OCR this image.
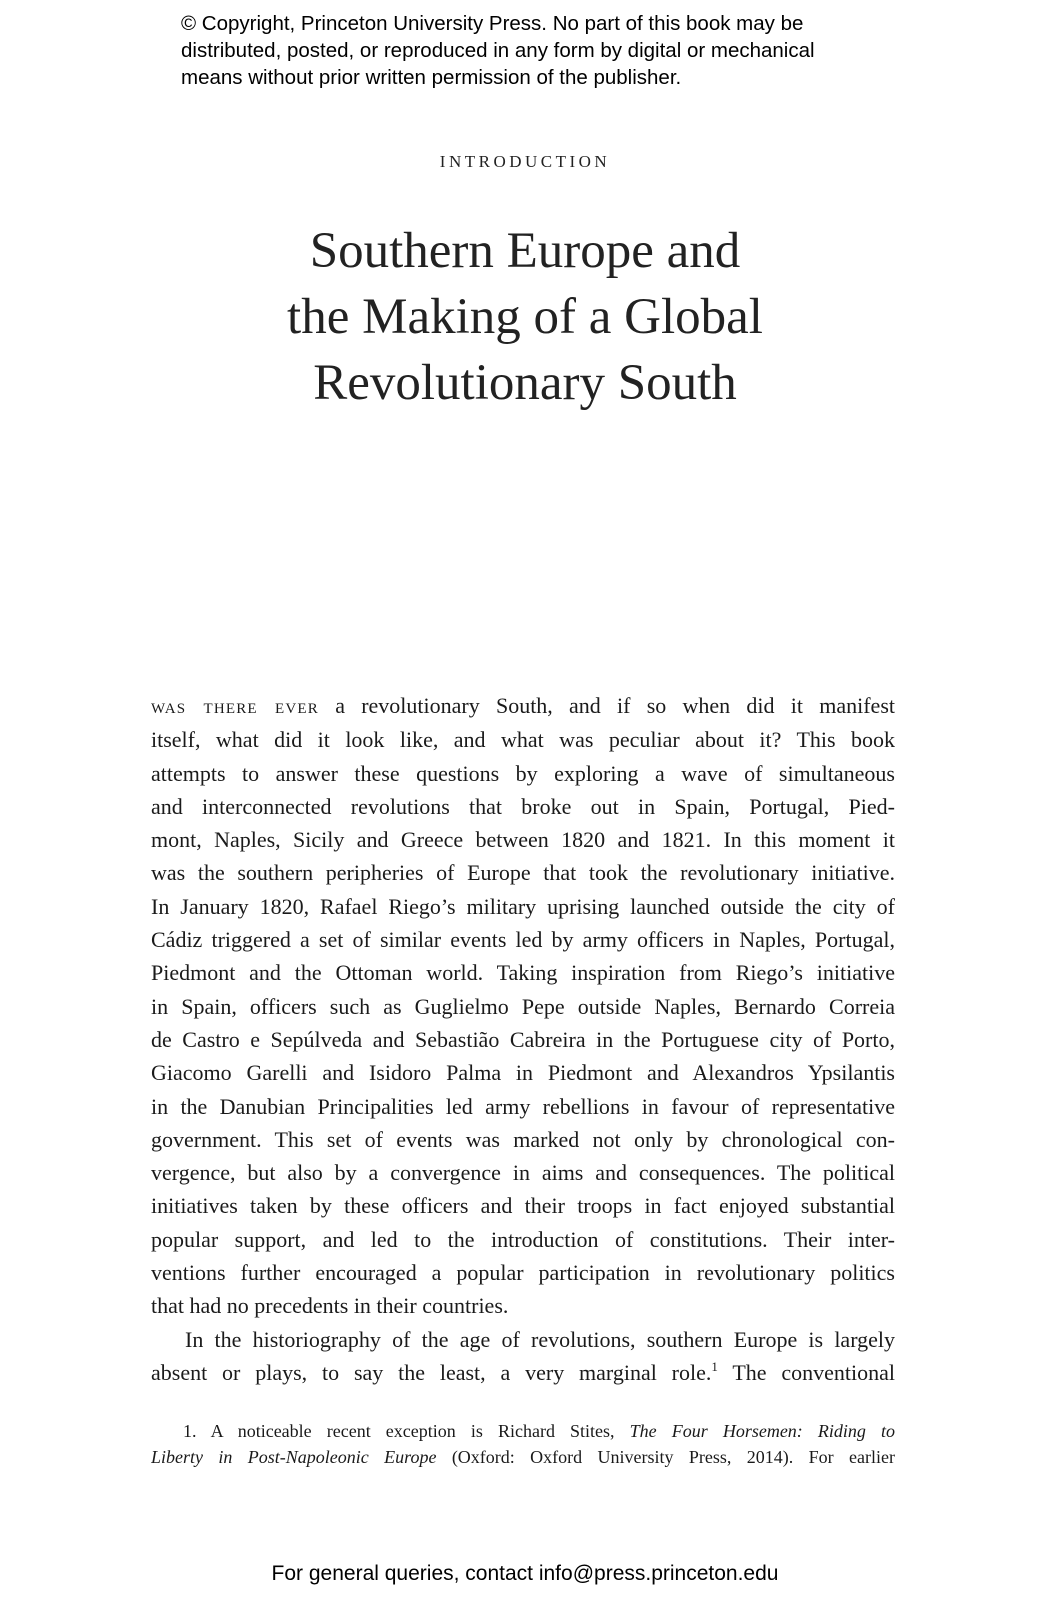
© Copyright, Princeton University Press. No part of this book may be
distributed, posted, or reproduced in any form by digital or mechanical
means without prior written permission of the publisher.
INTRODUCTION
Southern Europe and
the Making of a Global
Revolutionary South
was there ever a revolutionary South, and if so when did it manifest
itself, what did it look like, and what was peculiar about it? This book
attempts to answer these questions by exploring a wave of simultaneous
and interconnected revolutions that broke out in Spain, Portugal, Pied-
mont, Naples, Sicily and Greece between 1820 and 1821. In this moment it
was the southern peripheries of Europe that took the revolutionary initiative.
In January 1820, Rafael Riego’s military uprising launched outside the city of
Cádiz triggered a set of similar events led by army officers in Naples, Portugal,
Piedmont and the Ottoman world. Taking inspiration from Riego’s initiative
in Spain, officers such as Guglielmo Pepe outside Naples, Bernardo Correia
de Castro e Sepúlveda and Sebastião Cabreira in the Portuguese city of Porto,
Giacomo Garelli and Isidoro Palma in Piedmont and Alexandros Ypsilantis
in the Danubian Principalities led army rebellions in favour of representative
government. This set of events was marked not only by chronological con-
vergence, but also by a convergence in aims and consequences. The political
initiatives taken by these officers and their troops in fact enjoyed substantial
popular support, and led to the introduction of constitutions. Their inter-
ventions further encouraged a popular participation in revolutionary politics
that had no precedents in their countries.
In the historiography of the age of revolutions, southern Europe is largely
absent or plays, to say the least, a very marginal role.$^1$ The conventional
1. A noticeable recent exception is Richard Stites, The Four Horsemen: Riding to
Liberty in Post-Napoleonic Europe (Oxford: Oxford University Press, 2014). For earlier
For general queries, contact info@press.princeton.edu
